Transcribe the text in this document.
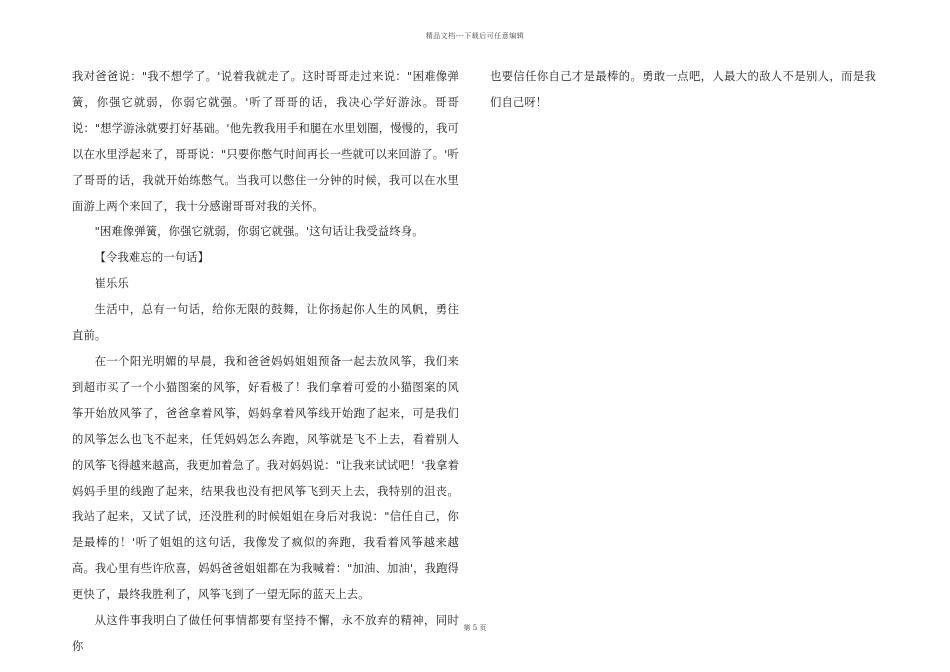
精品文档---下载后可任意编辑

我对爸爸说："我不想学了。'说着我就走了。这时哥哥走过来说："困难像弹簧，你强它就弱，你弱它就强。'听了哥哥的话，我决心学好游泳。哥哥说："想学游泳就要打好基础。'他先教我用手和腿在水里划圈，慢慢的，我可以在水里浮起来了，哥哥说："只要你憋气时间再长一些就可以来回游了。'听了哥哥的话，我就开始练憋气。当我可以憋住一分钟的时候，我可以在水里面游上两个来回了，我十分感谢哥哥对我的关怀。

"困难像弹簧，你强它就弱，你弱它就强。'这句话让我受益终身。

【令我难忘的一句话】

崔乐乐

生活中，总有一句话，给你无限的鼓舞，让你扬起你人生的风帆，勇往直前。

在一个阳光明媚的早晨，我和爸爸妈妈姐姐预备一起去放风筝，我们来到超市买了一个小猫图案的风筝，好看极了！我们拿着可爱的小猫图案的风筝开始放风筝了，爸爸拿着风筝，妈妈拿着风筝线开始跑了起来，可是我们的风筝怎么也飞不起来，任凭妈妈怎么奔跑，风筝就是飞不上去，看着别人的风筝飞得越来越高，我更加着急了。我对妈妈说："让我来试试吧！'我拿着妈妈手里的线跑了起来，结果我也没有把风筝飞到天上去，我特别的沮丧。我站了起来，又试了试，还没胜利的时候姐姐在身后对我说："信任自己，你是最棒的！'听了姐姐的这句话，我像发了疯似的奔跑，我看着风筝越来越高。我心里有些许欣喜，妈妈爸爸姐姐都在为我喊着："加油、加油'，我跑得更快了，最终我胜利了，风筝飞到了一望无际的蓝天上去。

从这件事我明白了做任何事情都要有坚持不懈，永不放弃的精神，同时你

也要信任你自己才是最棒的。勇敢一点吧，人最大的敌人不是别人，而是我们自己呀！

第 5 页
